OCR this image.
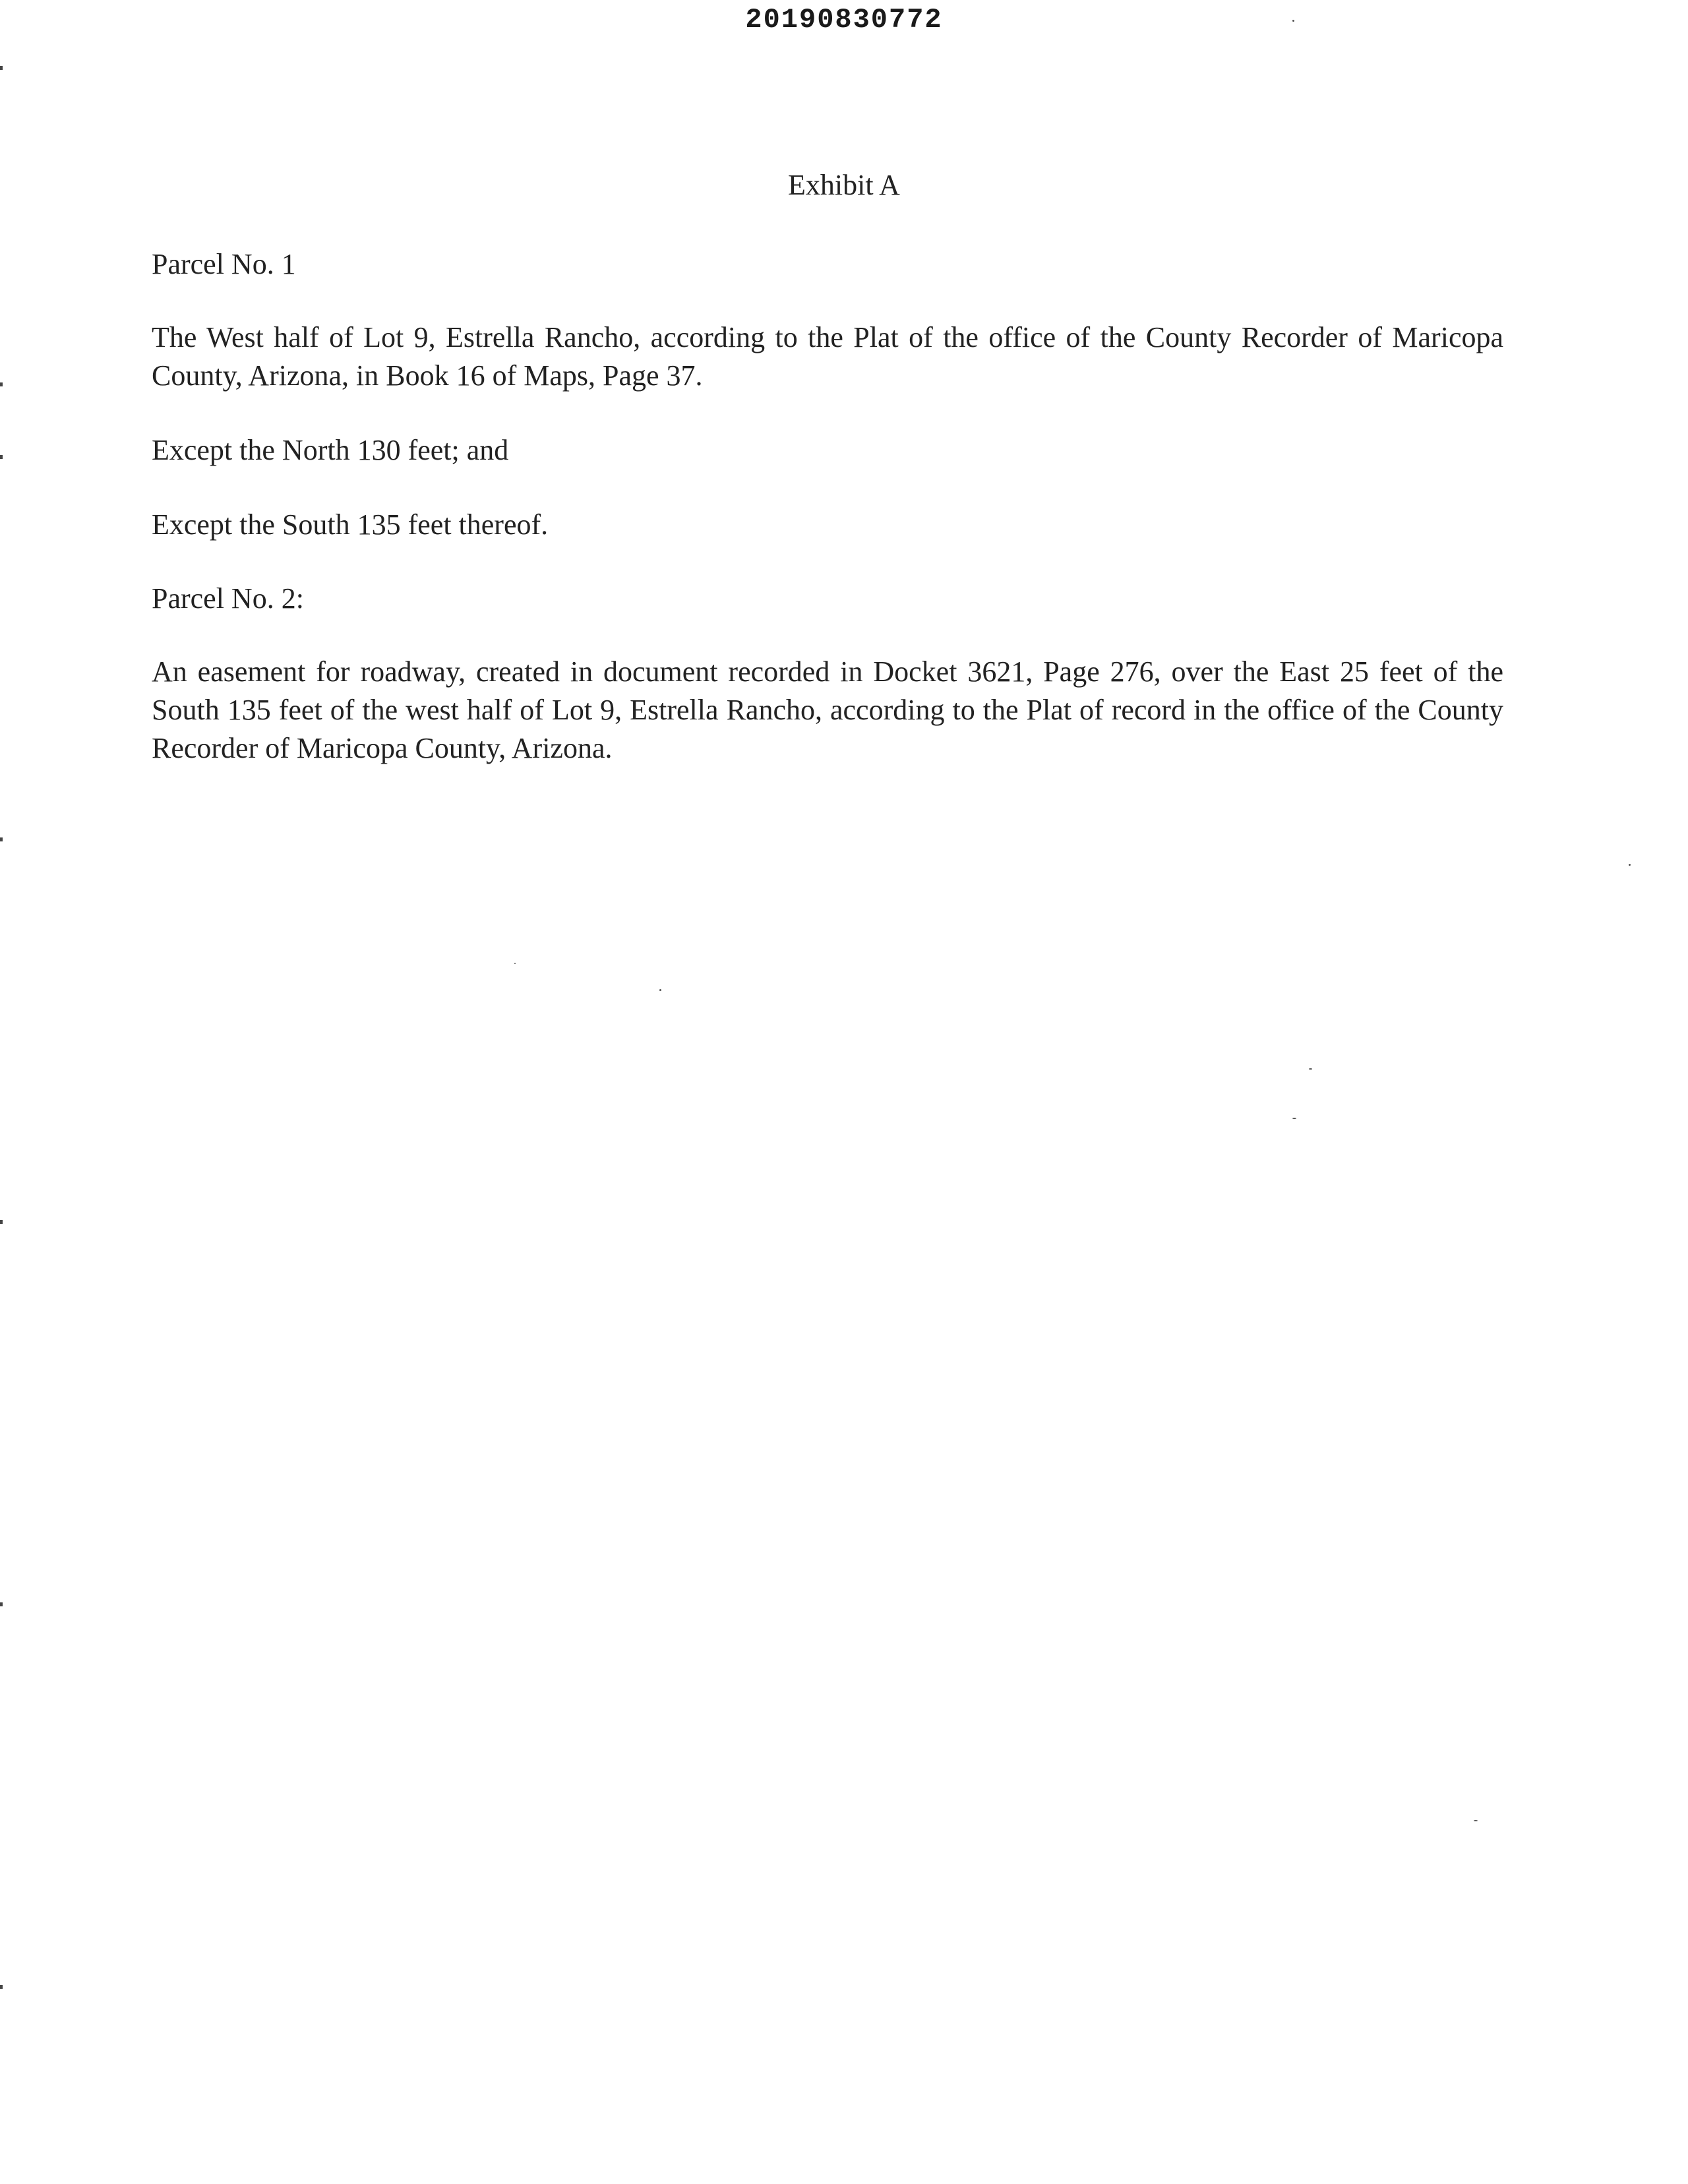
20190830772
Exhibit A

Parcel No. 1

The West half of Lot 9, Estrella Rancho, according to the Plat of the office of the County Recorder of Maricopa County, Arizona, in Book 16 of Maps, Page 37.

Except the North 130 feet; and

Except the South 135 feet thereof.

Parcel No. 2:

An easement for roadway, created in document recorded in Docket 3621, Page 276, over the East 25 feet of the South 135 feet of the west half of Lot 9, Estrella Rancho, according to the Plat of record in the office of the County Recorder of Maricopa County, Arizona.
